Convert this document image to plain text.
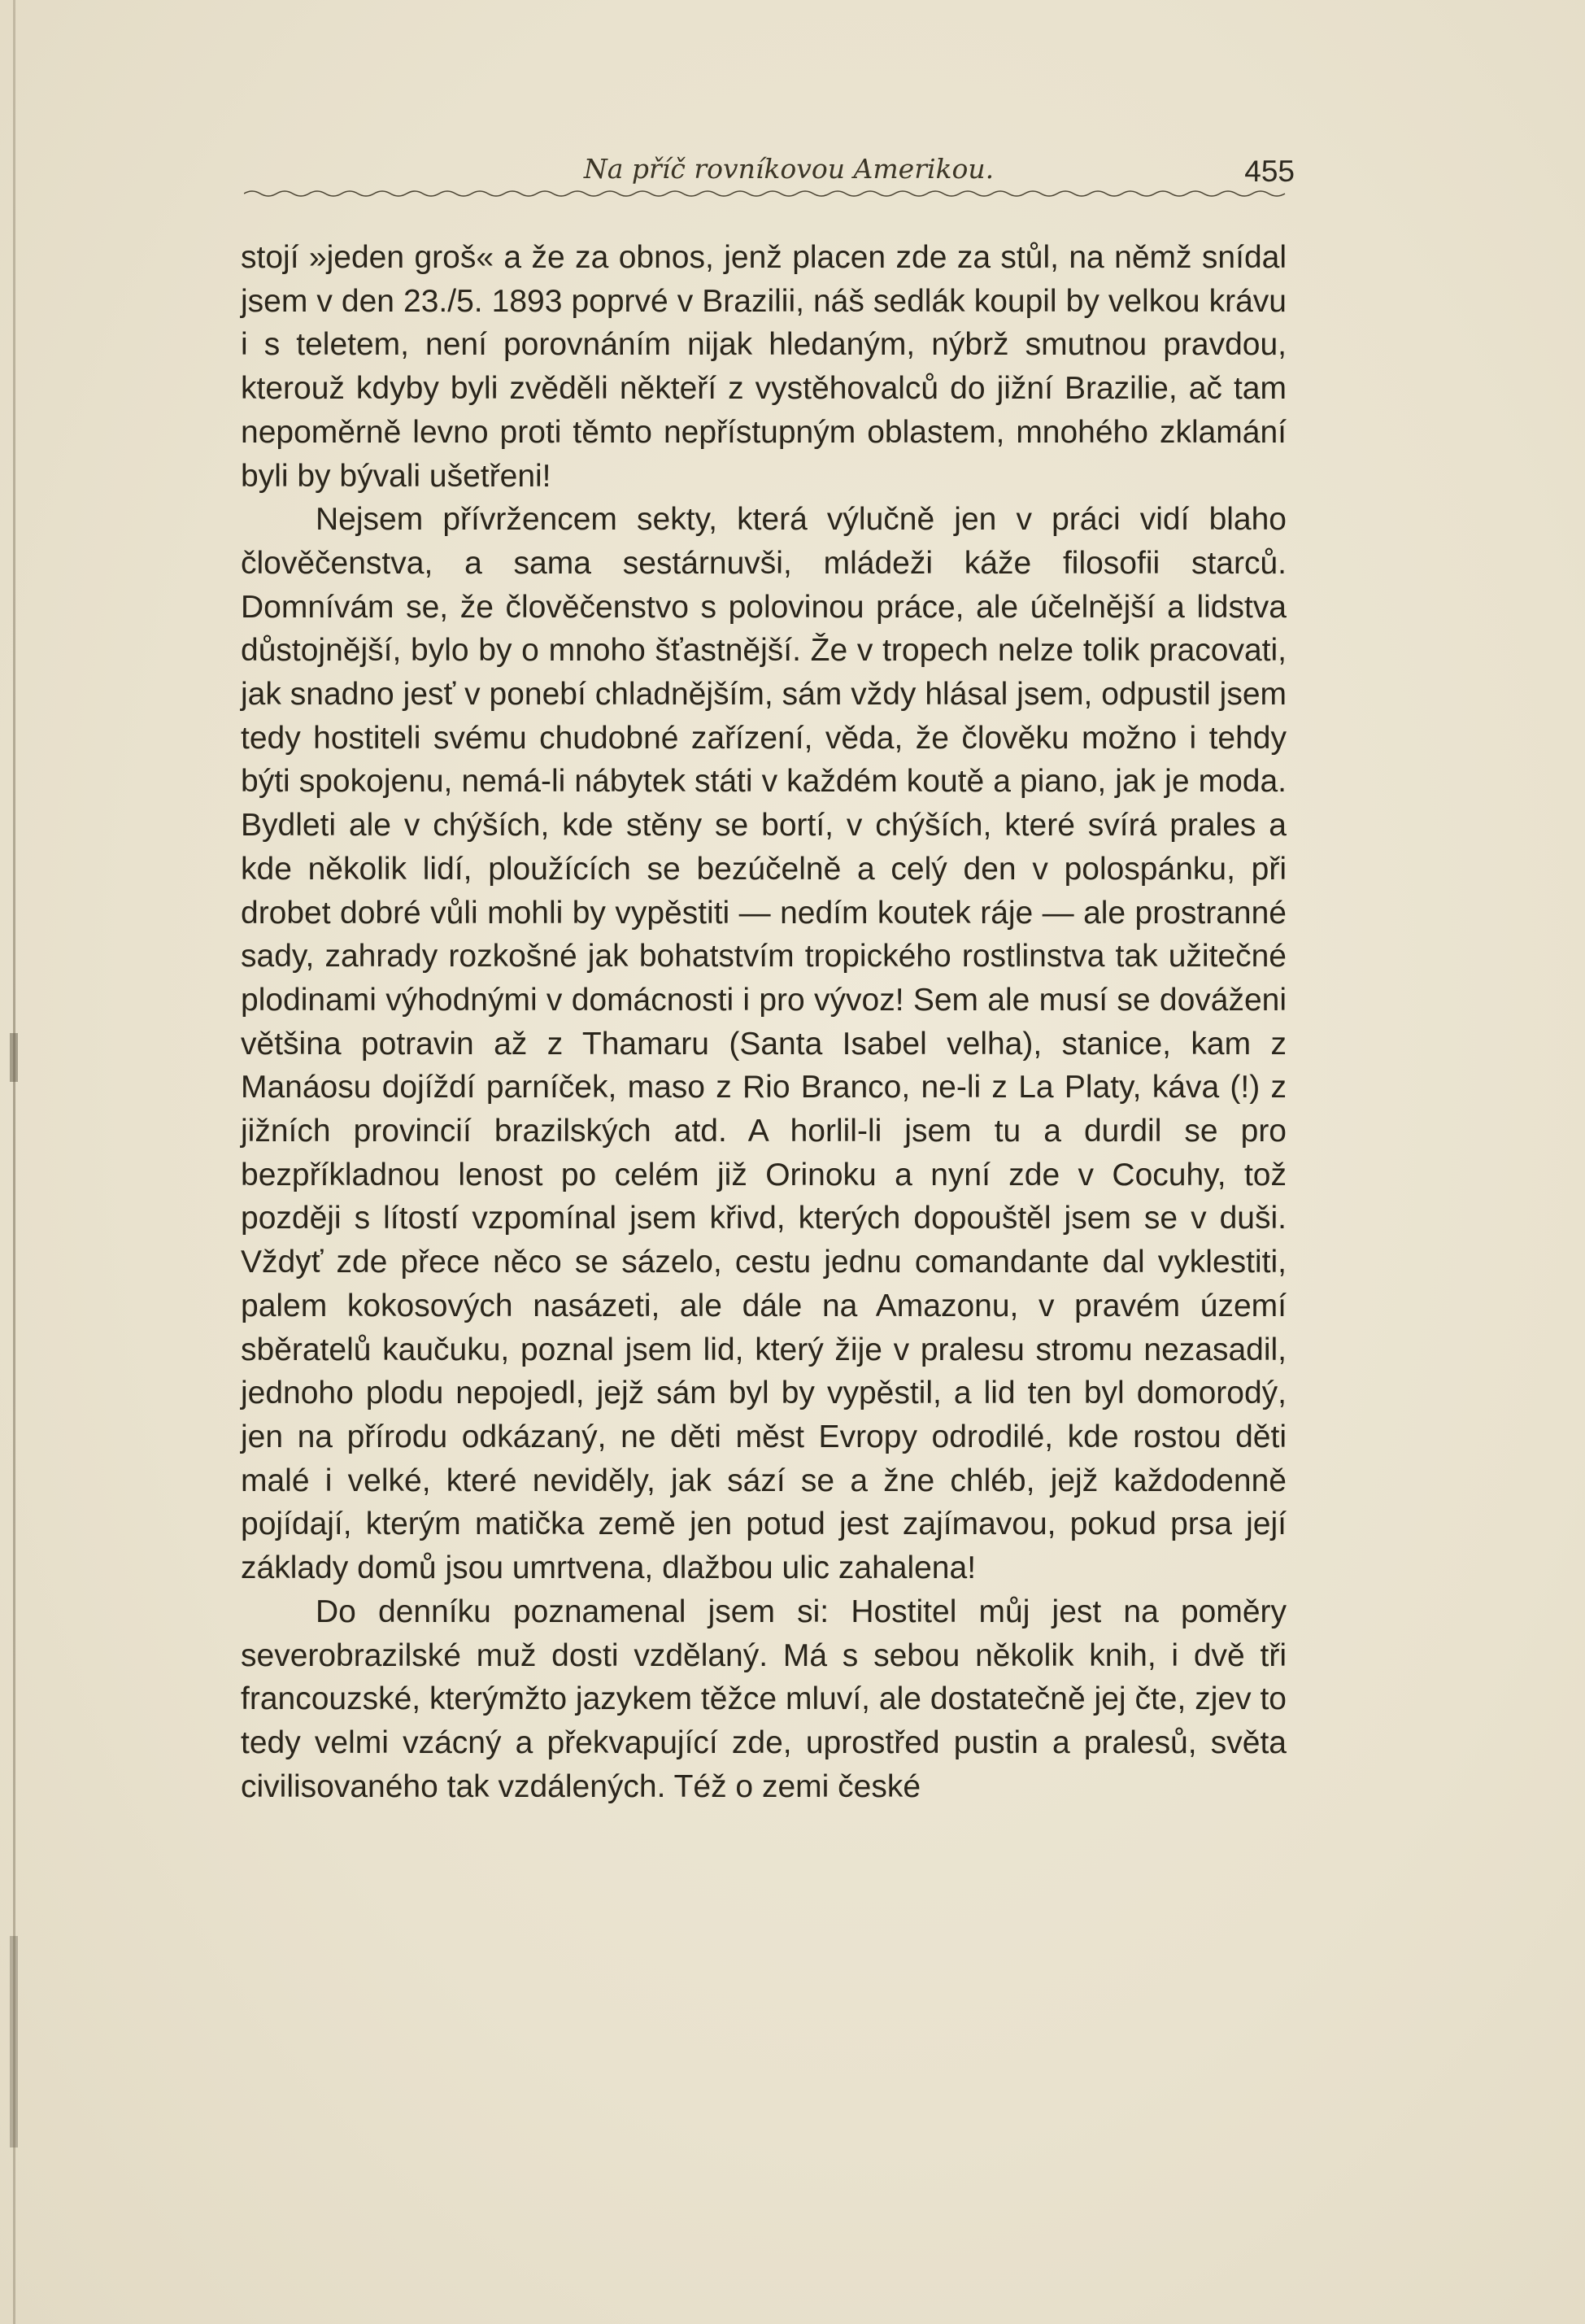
Na příč rovníkovou Amerikou.	455

stojí »jeden groš« a že za obnos, jenž placen zde za stůl, na němž snídal jsem v den 23./5. 1893 poprvé v Brazilii, náš sedlák koupil by velkou krávu i s teletem, není porovnáním nijak hledaným, nýbrž smutnou pravdou, kterouž kdyby byli zvěděli někteří z vystěhovalců do jižní Brazilie, ač tam nepoměrně levno proti těmto nepřístupným oblastem, mnohého zklamání byli by bývali ušetřeni!

Nejsem přívržencem sekty, která výlučně jen v práci vidí blaho člověčenstva, a sama sestárnuvši, mládeži káže filosofii starců. Domnívám se, že člověčenstvo s polovinou práce, ale účelnější a lidstva důstojnější, bylo by o mnoho šťastnější. Že v tropech nelze tolik pracovati, jak snadno jesť v ponebí chladnějším, sám vždy hlásal jsem, odpustil jsem tedy hostiteli svému chudobné zařízení, věda, že člověku možno i tehdy býti spokojenu, nemá-li nábytek státi v každém koutě a piano, jak je moda. Bydleti ale v chýších, kde stěny se bortí, v chýších, které svírá prales a kde několik lidí, ploužících se bezúčelně a celý den v polospánku, při drobet dobré vůli mohli by vypěstiti — nedím koutek ráje — ale prostranné sady, zahrady rozkošné jak bohatstvím tropického rostlinstva tak užitečné plodinami výhodnými v domácnosti i pro vývoz! Sem ale musí se dováženi většina potravin až z Thamaru (Santa Isabel velha), stanice, kam z Manáosu dojíždí parníček, maso z Rio Branco, ne-li z La Platy, káva (!) z jižních provincií brazilských atd. A horlil-li jsem tu a durdil se pro bezpříkladnou lenost po celém již Orinoku a nyní zde v Cocuhy, tož později s lítostí vzpomínal jsem křivd, kterých dopouštěl jsem se v duši. Vždyť zde přece něco se sázelo, cestu jednu comandante dal vyklestiti, palem kokosových nasázeti, ale dále na Amazonu, v pravém území sběratelů kaučuku, poznal jsem lid, který žije v pralesu stromu nezasadil, jednoho plodu nepojedl, jejž sám byl by vypěstil, a lid ten byl domorodý, jen na přírodu odkázaný, ne děti měst Evropy odrodilé, kde rostou děti malé i velké, které neviděly, jak sází se a žne chléb, jejž každodenně pojídají, kterým matička země jen potud jest zajímavou, pokud prsa její základy domů jsou umrtvena, dlažbou ulic zahalena!

Do denníku poznamenal jsem si: Hostitel můj jest na poměry severobrazilské muž dosti vzdělaný. Má s sebou několik knih, i dvě tři francouzské, kterýmžto jazykem těžce mluví, ale dostatečně jej čte, zjev to tedy velmi vzácný a překvapující zde, uprostřed pustin a pralesů, světa civilisovaného tak vzdálených. Též o zemi české
